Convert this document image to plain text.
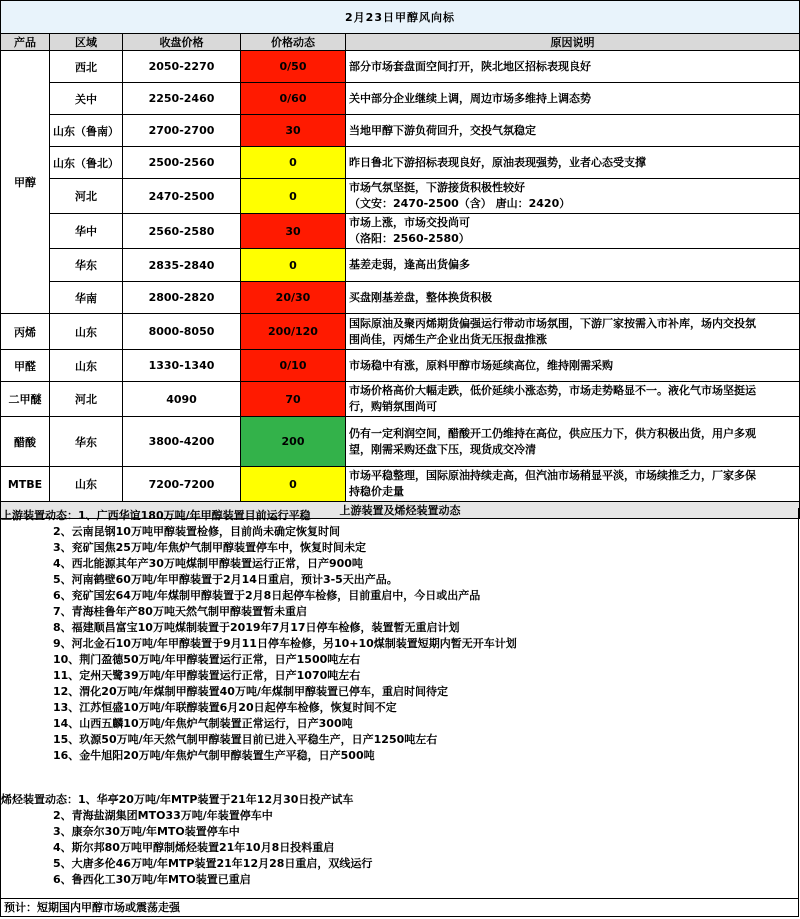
2月23日甲醇风向标				
产品	区域	收盘价格	价格动态	原因说明
甲醇	西北	2050-2270	0/50	部分市场套盘面空间打开，陕北地区招标表现良好
	关中	2250-2460	0/60	关中部分企业继续上调，周边市场多维持上调态势
	山东（鲁南）	2700-2700	30	当地甲醇下游负荷回升，交投气氛稳定
	山东（鲁北）	2500-2560	0	昨日鲁北下游招标表现良好，原油表现强势，业者心态受支撑
	河北	2470-2500	0	市场气氛坚挺，下游接货积极性较好
（文安：2470-2500（含） 唐山：2420）

	华中	2560-2580	30	市场上涨，市场交投尚可
（洛阳：2560-2580）

	华东	2835-2840	0	基差走弱，逢高出货偏多
	华南	2800-2820	20/30	买盘刚基差盘，整体换货积极
丙烯	山东	8000-8050	200/120	国际原油及聚丙烯期货偏强运行带动市场氛围，下游厂家按需入市补库，场内交投氛
围尚佳，丙烯生产企业出货无压报盘推涨

甲醛	山东	1330-1340	0/10	市场稳中有涨，原料甲醇市场延续高位，维持刚需采购
二甲醚	河北	4090	70	市场价格高价大幅走跌，低价延续小涨态势，市场走势略显不一。液化气市场坚挺运
行，购销氛围尚可

醋酸	华东	3800-4200	200	仍有一定利润空间，醋酸开工仍维持在高位，供应压力下，供方积极出货，用户多观
望，刚需采购还盘下压，现货成交冷清

MTBE	山东	7200-7200	0	市场平稳整理，国际原油持续走高，但汽油市场稍显平淡，市场续推乏力，厂家多保
持稳价走量

上游装置及烯烃装置动态				
上游装置动态：1、广西华谊180万吨/年甲醇装置目前运行平稳
2、云南昆钢10万吨甲醇装置检修，目前尚未确定恢复时间
3、兖矿国焦25万吨/年焦炉气制甲醇装置停车中，恢复时间未定
4、西北能源其年产30万吨煤制甲醇装置运行正常，日产900吨
5、河南鹤壁60万吨/年甲醇装置于2月14日重启，预计3-5天出产品。
6、兖矿国宏64万吨/年煤制甲醇装置于2月8日起停车检修，目前重启中，今日或出产品
7、青海桂鲁年产80万吨天然气制甲醇装置暂未重启
8、福建顺昌富宝10万吨煤制装置于2019年7月17日停车检修，装置暂无重启计划
9、河北金石10万吨/年甲醇装置于9月11日停车检修，另10+10煤制装置短期内暂无开车计划
10、荆门盈德50万吨/年甲醇装置运行正常，日产1500吨左右
11、定州天鹭39万吨/年甲醇装置运行正常，日产1070吨左右
12、渭化20万吨/年煤制甲醇装置40万吨/年煤制甲醇装置已停车，重启时间待定
13、江苏恒盛10万吨/年联醇装置6月20日起停车检修，恢复时间不定
14、山西五麟10万吨/年焦炉气制装置正常运行，日产300吨
15、玖源50万吨/年天然气制甲醇装置目前已进入平稳生产，日产1250吨左右
16、金牛旭阳20万吨/年焦炉气制甲醇装置生产平稳，日产500吨
烯烃装置动态：1、华亭20万吨/年MTP装置于21年12月30日投产试车
2、青海盐湖集团MTO33万吨/年装置停车中
3、康奈尔30万吨/年MTO装置停车中
4、斯尔邦80万吨甲醇制烯烃装置21年10月8日投料重启
5、大唐多伦46万吨/年MTP装置21年12月28日重启，双线运行
6、鲁西化工30万吨/年MTO装置已重启
预计：短期国内甲醇市场或震荡走强
